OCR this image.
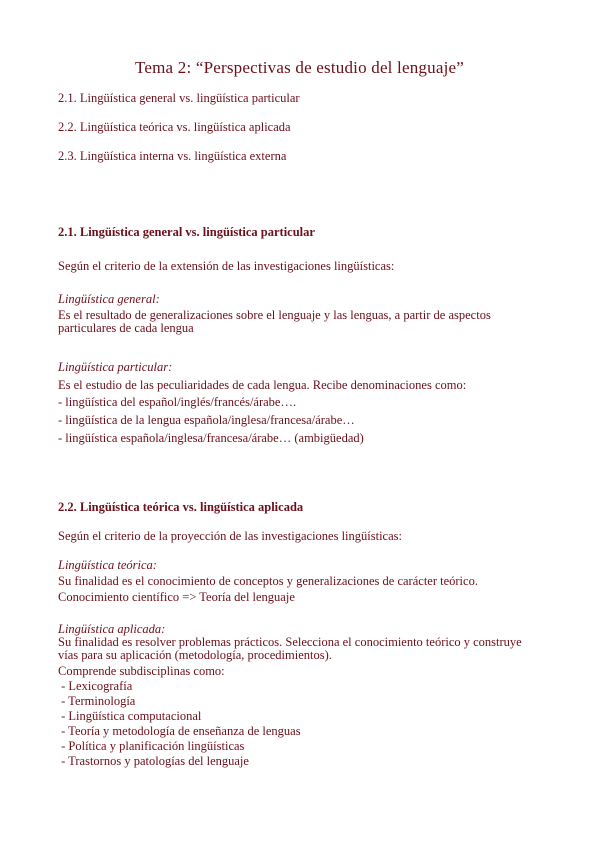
Tema 2: “Perspectivas de estudio del lenguaje”
2.1. Lingüística general vs. lingüística particular
2.2. Lingüística teórica vs. lingüística aplicada
2.3. Lingüística interna vs. lingüística externa
2.1. Lingüística general vs. lingüística particular
Según el criterio de la extensión de las investigaciones lingüísticas:
Lingüística general:
Es el resultado de generalizaciones sobre el lenguaje y las lenguas, a partir de aspectos particulares de cada lengua
Lingüística particular:
Es el estudio de las peculiaridades de cada lengua. Recibe denominaciones como:
- lingüística del español/inglés/francés/árabe….
- lingüística de la lengua española/inglesa/francesa/árabe…
- lingüística española/inglesa/francesa/árabe… (ambigüedad)
2.2. Lingüística teórica vs. lingüística aplicada
Según el criterio de la proyección de las investigaciones lingüísticas:
Lingüística teórica:
Su finalidad es el conocimiento de conceptos y generalizaciones de carácter teórico.
Conocimiento científico => Teoría del lenguaje
Lingüística aplicada:
Su finalidad es resolver problemas prácticos. Selecciona el conocimiento teórico y construye vías para su aplicación (metodología, procedimientos).
Comprende subdisciplinas como:
- Lexicografía
- Terminología
- Lingüística computacional
- Teoría y metodología de enseñanza de lenguas
- Política y planificación lingüísticas
- Trastornos y patologías del lenguaje
